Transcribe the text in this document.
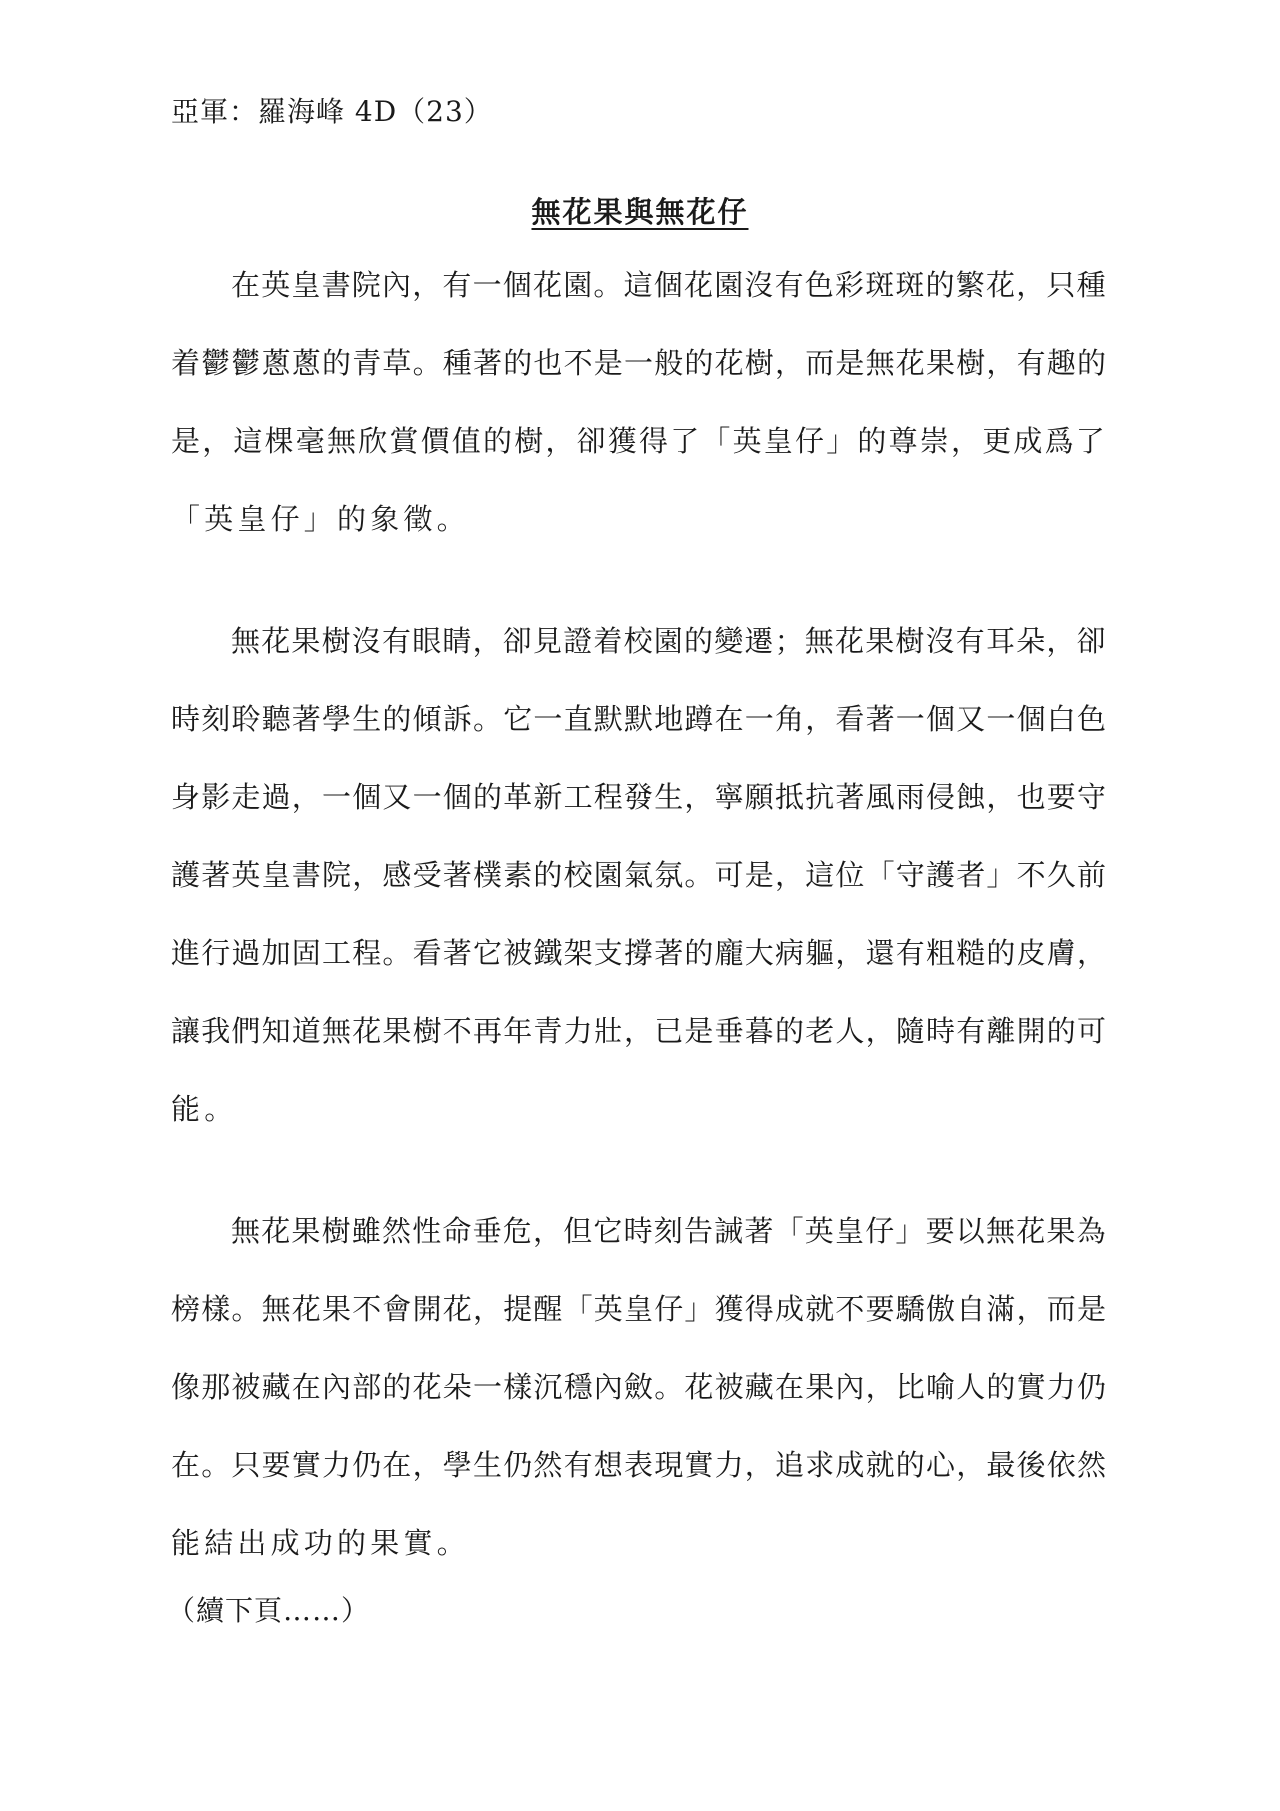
亞軍：羅海峰 4D（23）
無花果與無花仔
在英皇書院內，有一個花園。這個花園沒有色彩斑斑的繁花，只種
着鬱鬱蔥蔥的青草。種著的也不是一般的花樹，而是無花果樹，有趣的
是，這棵毫無欣賞價值的樹，卻獲得了「英皇仔」的尊崇，更成爲了
「英皇仔」的象徵。
無花果樹沒有眼睛，卻見證着校園的變遷；無花果樹沒有耳朵，卻
時刻聆聽著學生的傾訴。它一直默默地蹲在一角，看著一個又一個白色
身影走過，一個又一個的革新工程發生，寧願抵抗著風雨侵蝕，也要守
護著英皇書院，感受著樸素的校園氣氛。可是，這位「守護者」不久前
進行過加固工程。看著它被鐵架支撐著的龐大病軀，還有粗糙的皮膚，
讓我們知道無花果樹不再年青力壯，已是垂暮的老人，隨時有離開的可
能。
無花果樹雖然性命垂危，但它時刻告誡著「英皇仔」要以無花果為
榜樣。無花果不會開花，提醒「英皇仔」獲得成就不要驕傲自滿，而是
像那被藏在內部的花朵一樣沉穩內斂。花被藏在果內，比喻人的實力仍
在。只要實力仍在，學生仍然有想表現實力，追求成就的心，最後依然
能結出成功的果實。
（續下頁……）
